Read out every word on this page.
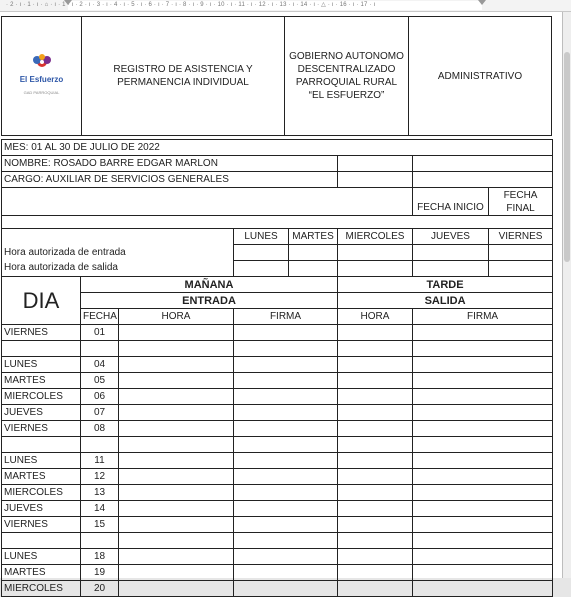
· 2 · ı · 1 · ı · ⌂ · ı · 1 · ı · 2 · ı · 3 · ı · 4 · ı · 5 · ı · 6 · ı · 7 · ı · 8 · ı · 9 · ı · 10 · ı · 11 · ı · 12 · ı · 13 · ı · 14 · ı · △ · ı · 16 · ı · 17 · ı
El Esfuerzo
GAD PARROQUIAL
	REGISTRO DE ASISTENCIA Y PERMANENCIA INDIVIDUAL	GOBIERNO AUTONOMO DESCENTRALIZADO PARROQUIAL RURAL “EL ESFUERZO”	ADMINISTRATIVO
MES: 01 AL 30 DE JULIO DE 2022							
NOMBRE: ROSADO BARRE EDGAR MARLON							
CARGO: AUXILIAR DE SERVICIOS GENERALES							
						FECHA INICIO	FECHA FINAL

			LUNES	MARTES	MIERCOLES	JUEVES	VIERNES
Hora autorizada de entrada							
Hora autorizada de salida							
DIA	MAÑANA				TARDE		
	ENTRADA				SALIDA		
	FECHA	HORA	FIRMA		HORA	FIRMA	
VIERNES	01						

LUNES	04						
MARTES	05						
MIERCOLES	06						
JUEVES	07						
VIERNES	08						

LUNES	11						
MARTES	12						
MIERCOLES	13						
JUEVES	14						
VIERNES	15						

LUNES	18						
MARTES	19						
MIERCOLES	20						
